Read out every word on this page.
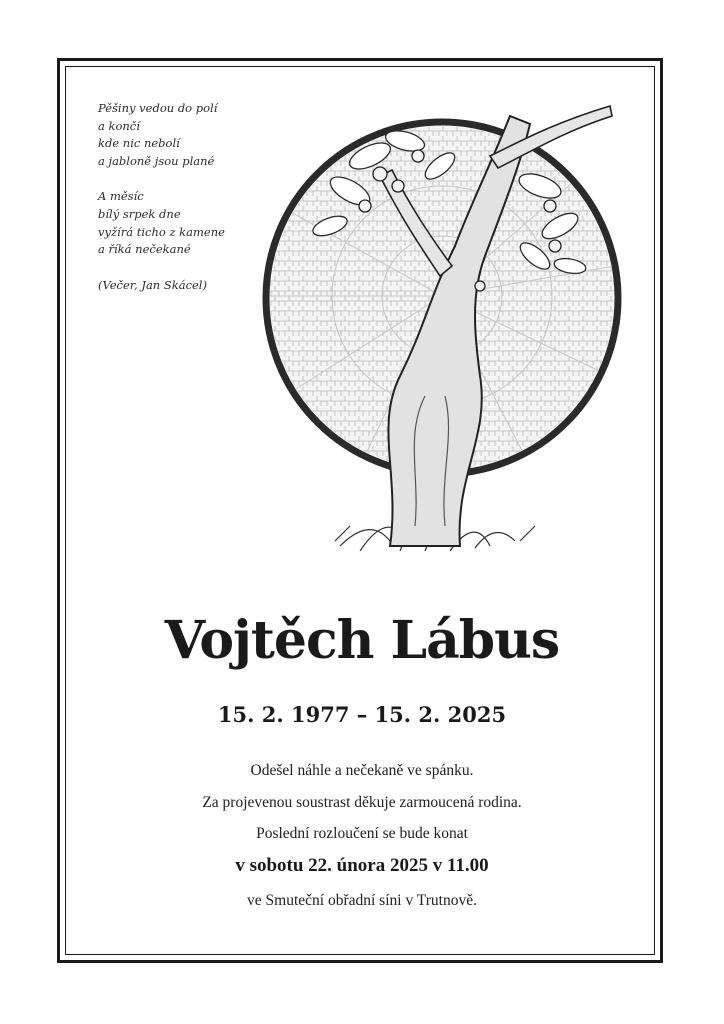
Pěšiny vedou do polí
a končí
kde nic nebolí
a jabloně jsou plané
A měsíc
bílý srpek dne
vyžírá ticho z kamene
a říká nečekané
(Večer, Jan Skácel)
Vojtěch Lábus
15. 2. 1977 – 15. 2. 2025
Odešel náhle a nečekaně ve spánku.
Za projevenou soustrast děkuje zarmoucená rodina.
Poslední rozloučení se bude konat
v sobotu 22. února 2025 v 11.00
ve Smuteční obřadní síni v Trutnově.
